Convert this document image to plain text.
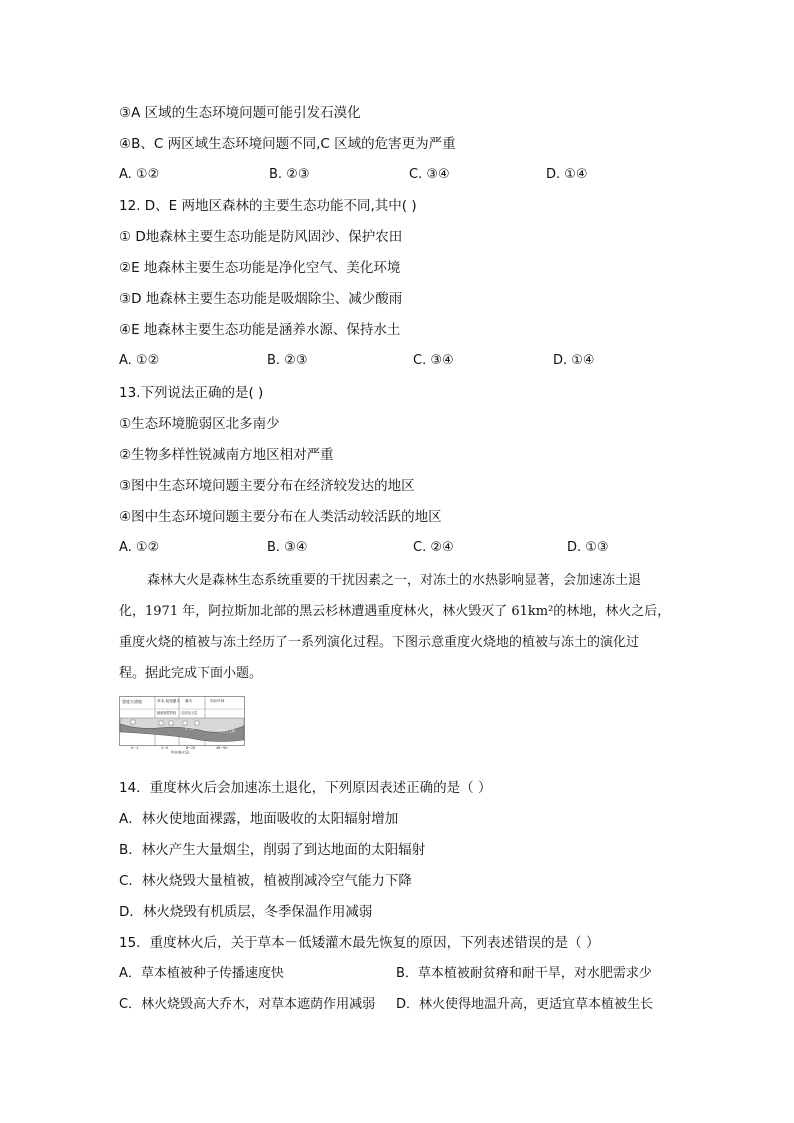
③A 区域的生态环境问题可能引发石漠化
④B、C 两区域生态环境问题不同,C 区域的危害更为严重
A. ①②	B. ②③	C. ③④	D. ①④
12. D、E 两地区森林的主要生态功能不同,其中( )
① D地森林主要生态功能是防风固沙、保护农田
②E 地森林主要生态功能是净化空气、美化环境
③D 地森林主要生态功能是吸烟除尘、减少酸雨
④E 地森林主要生态功能是涵养水源、保持水土
A. ①②	B. ②③	C. ③④	D. ①④
13.下列说法正确的是( )
①生态环境脆弱区北多南少
②生物多样性锐减南方地区相对严重
③图中生态环境问题主要分布在经济较发达的地区
④图中生态环境问题主要分布在人类活动较活跃的地区
A. ①②	B. ③④	C. ②④	D. ①③
森林大火是森林生态系统重要的干扰因素之一，对冻土的水热影响显著，会加速冻土退
化，1971 年，阿拉斯加北部的黑云杉林遭遇重度林火，林火毁灭了 61km²的林地，林火之后，
重度火烧的植被与冻土经历了一系列演化过程。下图示意重度火烧地的植被与冻土的演化过
程。据此完成下面小题。
重度火烧地	草本-低矮灌木 灌木	幼针叶林
植被演替阶段 岛状冻土层
冻土层
永冻土
多年冻土上限
0~1	2~5	6~25	26~50
年份(林火后)
14．重度林火后会加速冻土退化，下列原因表述正确的是（ ）
A．林火使地面裸露，地面吸收的太阳辐射增加
B．林火产生大量烟尘，削弱了到达地面的太阳辐射
C．林火烧毁大量植被，植被削减冷空气能力下降
D．林火烧毁有机质层，冬季保温作用减弱
15．重度林火后，关于草本－低矮灌木最先恢复的原因，下列表述错误的是（ ）
A．草本植被种子传播速度快	B．草本植被耐贫瘠和耐干旱，对水肥需求少
C．林火烧毁高大乔木，对草本遮荫作用减弱 D．林火使得地温升高，更适宜草本植被生长
